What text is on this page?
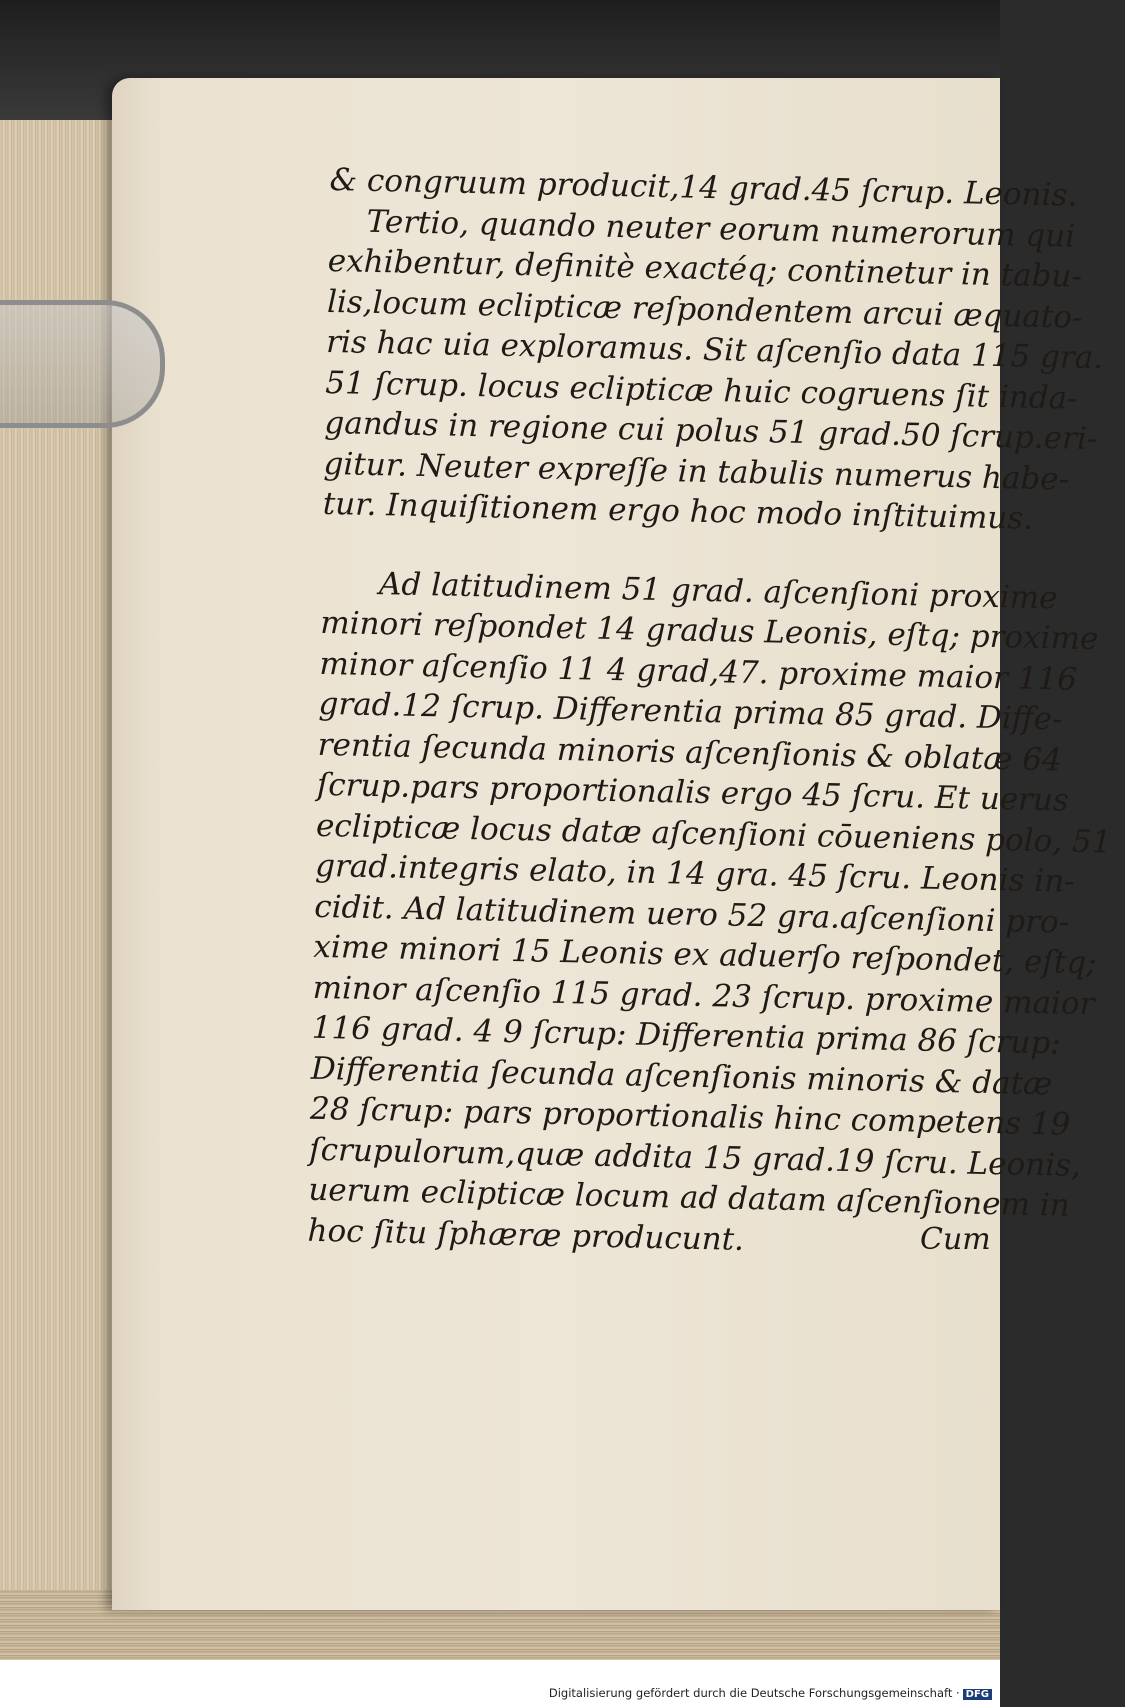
& congruum producit,14 grad.45 ſcrup. Leonis.
Tertio, quando neuter eorum numerorum qui
exhibentur, definitè exactéq; continetur in tabu-
lis,locum eclipticæ reſpondentem arcui æquato-
ris hac uia exploramus. Sit aſcenſio data 115 gra.
51 ſcrup. locus eclipticæ huic cogruens ſit inda-
gandus in regione cui polus 51 grad.50 ſcrup.eri-
gitur. Neuter expreſſe in tabulis numerus habe-
tur. Inquiſitionem ergo hoc modo inſtituimus.
Ad latitudinem 51 grad. aſcenſioni proxime
minori reſpondet 14 gradus Leonis, eſtq; proxime
minor aſcenſio 11 4 grad,47. proxime maior 116
grad.12 ſcrup. Differentia prima 85 grad. Diffe-
rentia ſecunda minoris aſcenſionis & oblatæ 64
ſcrup.pars proportionalis ergo 45 ſcru. Et uerus
eclipticæ locus datæ aſcenſioni cōueniens polo, 51
grad.integris elato, in 14 gra. 45 ſcru. Leonis in-
cidit. Ad latitudinem uero 52 gra.aſcenſioni pro-
xime minori 15 Leonis ex aduerſo reſpondet, eſtq;
minor aſcenſio 115 grad. 23 ſcrup. proxime maior
116 grad. 4 9 ſcrup: Differentia prima 86 ſcrup:
Differentia ſecunda aſcenſionis minoris & datæ
28 ſcrup: pars proportionalis hinc competens 19
ſcrupulorum,quæ addita 15 grad.19 ſcru. Leonis,
uerum eclipticæ locum ad datam aſcenſionem in
hoc ſitu ſphæræ producunt.	Cum
Digitalisierung gefördert durch die Deutsche Forschungsgemeinschaft · DFG
